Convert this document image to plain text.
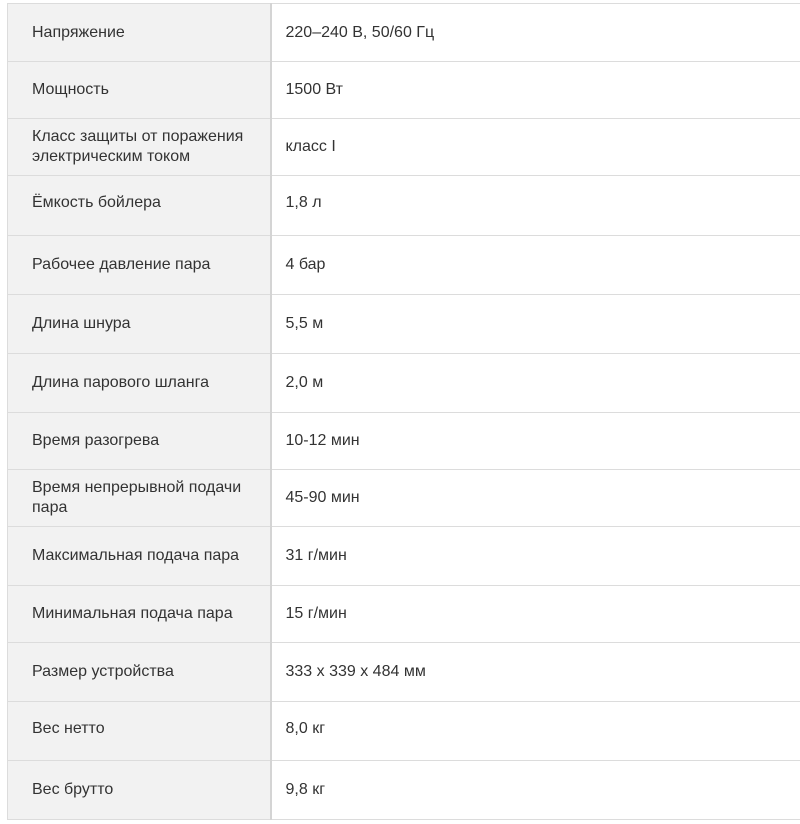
Напряжение	220–240 В, 50/60 Гц
Мощность	1500 Вт
Класс защиты от поражения электрическим током	класс I
Ёмкость бойлера	1,8 л
Рабочее давление пара	4 бар
Длина шнура	5,5 м
Длина парового шланга	2,0 м
Время разогрева	10-12 мин
Время непрерывной подачи пара	45-90 мин
Максимальная подача пара	31 г/мин
Минимальная подача пара	15 г/мин
Размер устройства	333 x 339 x 484 мм
Вес нетто	8,0 кг
Вес брутто	9,8 кг
